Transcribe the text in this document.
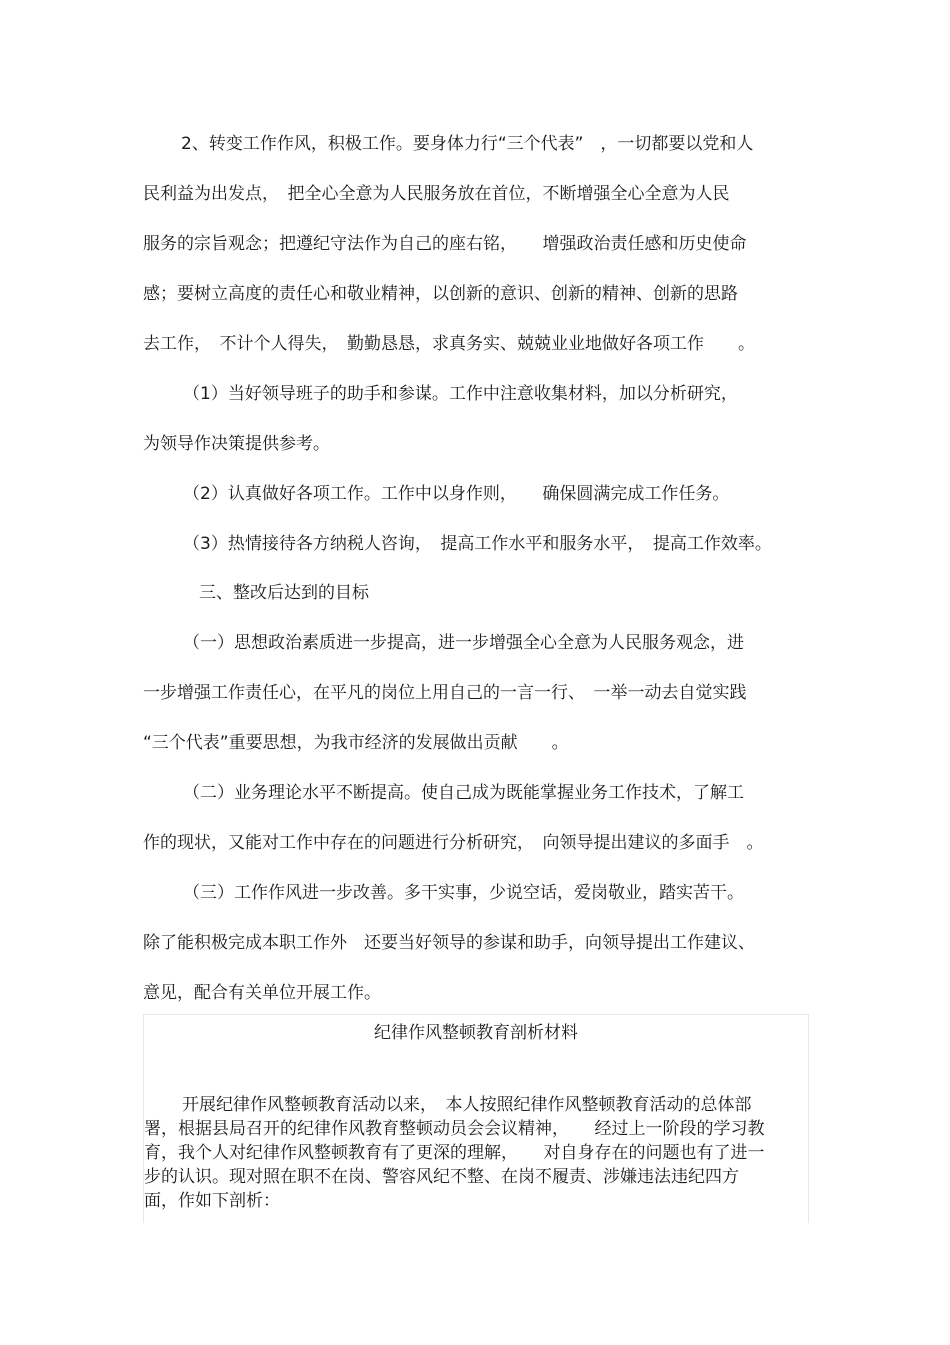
2、转变工作作风，积极工作。要身体力行“三个代表”　，一切都要以党和人
民利益为出发点，　把全心全意为人民服务放在首位，不断增强全心全意为人民
服务的宗旨观念；把遵纪守法作为自己的座右铭，　　增强政治责任感和历史使命
感；要树立高度的责任心和敬业精神，以创新的意识、创新的精神、创新的思路
去工作，　不计个人得失，　勤勤恳恳，求真务实、兢兢业业地做好各项工作　　。
（1）当好领导班子的助手和参谋。工作中注意收集材料，加以分析研究，
为领导作决策提供参考。
（2）认真做好各项工作。工作中以身作则，　　确保圆满完成工作任务。
（3）热情接待各方纳税人咨询，　提高工作水平和服务水平，　提高工作效率。
三、整改后达到的目标
（一）思想政治素质进一步提高，进一步增强全心全意为人民服务观念，进
一步增强工作责任心，在平凡的岗位上用自己的一言一行、　一举一动去自觉实践
“三个代表”重要思想，为我市经济的发展做出贡献　　。
（二）业务理论水平不断提高。使自己成为既能掌握业务工作技术，了解工
作的现状，又能对工作中存在的问题进行分析研究，　向领导提出建议的多面手　。
（三）工作作风进一步改善。多干实事，少说空话，爱岗敬业，踏实苦干。
除了能积极完成本职工作外　还要当好领导的参谋和助手，向领导提出工作建议、
意见，配合有关单位开展工作。
纪律作风整顿教育剖析材料
开展纪律作风整顿教育活动以来，　本人按照纪律作风整顿教育活动的总体部
署，根据县局召开的纪律作风教育整顿动员会会议精神，　　经过上一阶段的学习教
育，我个人对纪律作风整顿教育有了更深的理解，　　对自身存在的问题也有了进一
步的认识。现对照在职不在岗、警容风纪不整、在岗不履责、涉嫌违法违纪四方
面，作如下剖析：
